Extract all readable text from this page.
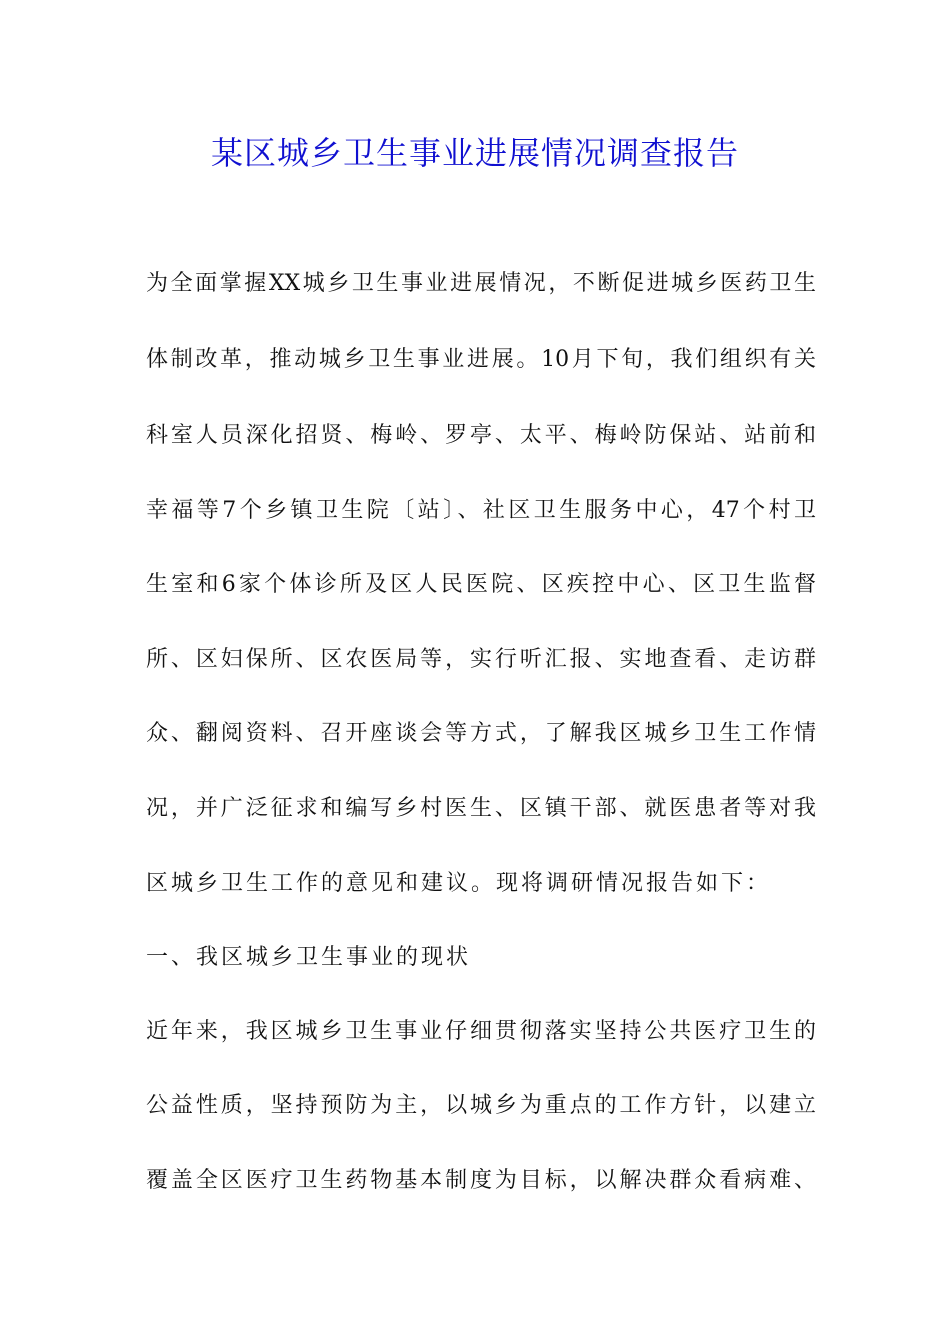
某区城乡卫生事业进展情况调查报告
为全面掌握XX城乡卫生事业进展情况，不断促进城乡医药卫生
体制改革，推动城乡卫生事业进展。10月下旬，我们组织有关
科室人员深化招贤、梅岭、罗亭、太平、梅岭防保站、站前和
幸福等7个乡镇卫生院〔站〕、社区卫生服务中心，47个村卫
生室和6家个体诊所及区人民医院、区疾控中心、区卫生监督
所、区妇保所、区农医局等，实行听汇报、实地查看、走访群
众、翻阅资料、召开座谈会等方式，了解我区城乡卫生工作情
况，并广泛征求和编写乡村医生、区镇干部、就医患者等对我
区城乡卫生工作的意见和建议。现将调研情况报告如下：
一、我区城乡卫生事业的现状
近年来，我区城乡卫生事业仔细贯彻落实坚持公共医疗卫生的
公益性质，坚持预防为主，以城乡为重点的工作方针，以建立
覆盖全区医疗卫生药物基本制度为目标，以解决群众看病难、
